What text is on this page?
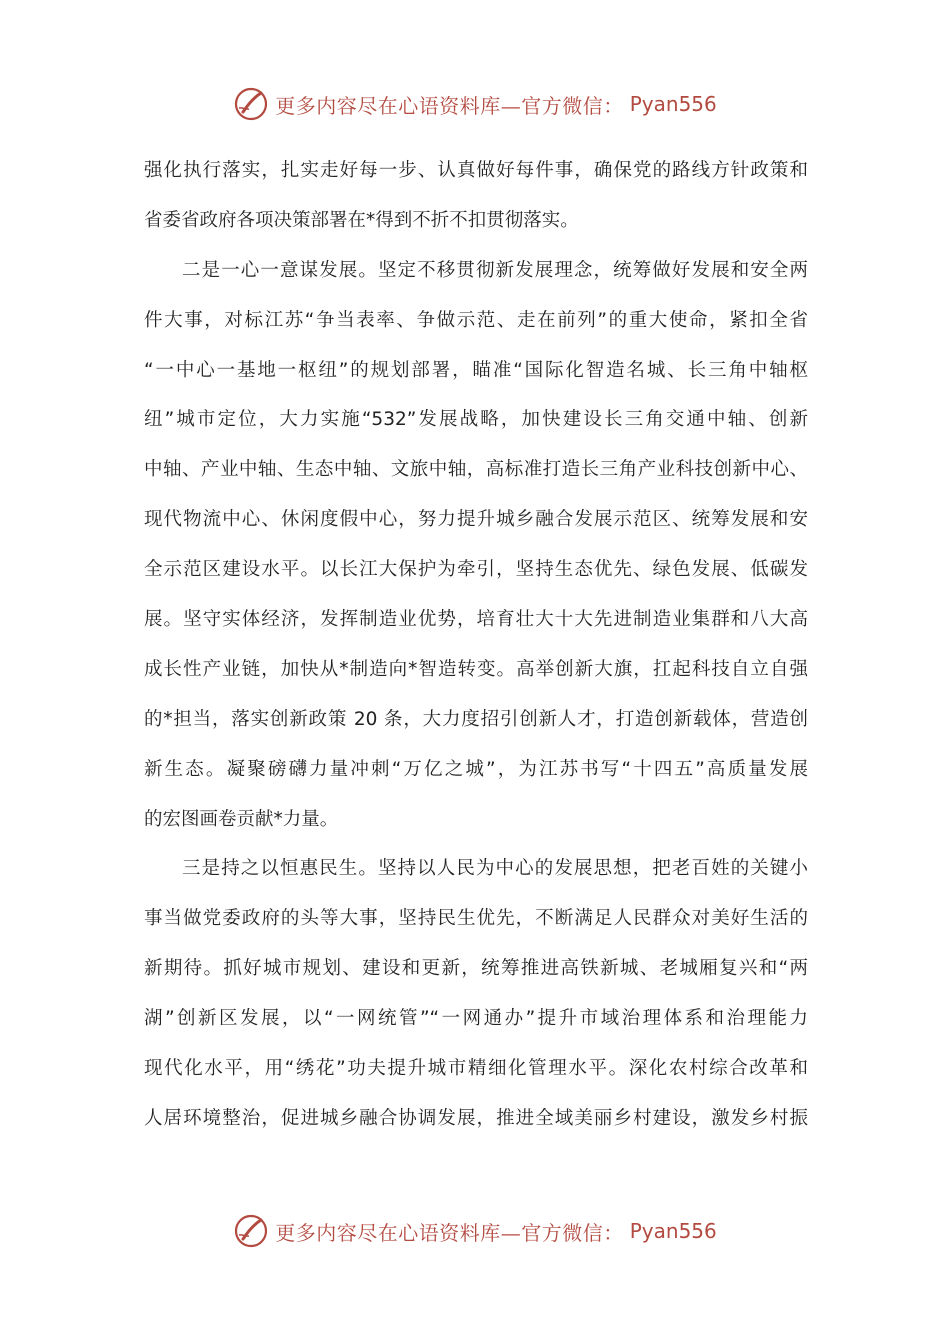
更多内容尽在心语资料库—官方微信： Pyan556
强化执行落实，扎实走好每一步、认真做好每件事，确保党的路线方针政策和
省委省政府各项决策部署在*得到不折不扣贯彻落实。
二是一心一意谋发展。坚定不移贯彻新发展理念，统筹做好发展和安全两
件大事，对标江苏“争当表率、争做示范、走在前列”的重大使命，紧扣全省
“一中心一基地一枢纽”的规划部署，瞄准“国际化智造名城、长三角中轴枢
纽”城市定位，大力实施“532”发展战略，加快建设长三角交通中轴、创新
中轴、产业中轴、生态中轴、文旅中轴，高标准打造长三角产业科技创新中心、
现代物流中心、休闲度假中心，努力提升城乡融合发展示范区、统筹发展和安
全示范区建设水平。以长江大保护为牵引，坚持生态优先、绿色发展、低碳发
展。坚守实体经济，发挥制造业优势，培育壮大十大先进制造业集群和八大高
成长性产业链，加快从*制造向*智造转变。高举创新大旗，扛起科技自立自强
的*担当，落实创新政策 20 条，大力度招引创新人才，打造创新载体，营造创
新生态。凝聚磅礴力量冲刺“万亿之城”，为江苏书写“十四五”高质量发展
的宏图画卷贡献*力量。
三是持之以恒惠民生。坚持以人民为中心的发展思想，把老百姓的关键小
事当做党委政府的头等大事，坚持民生优先，不断满足人民群众对美好生活的
新期待。抓好城市规划、建设和更新，统筹推进高铁新城、老城厢复兴和“两
湖”创新区发展，以“一网统管”“一网通办”提升市域治理体系和治理能力
现代化水平，用“绣花”功夫提升城市精细化管理水平。深化农村综合改革和
人居环境整治，促进城乡融合协调发展，推进全域美丽乡村建设，激发乡村振
更多内容尽在心语资料库—官方微信： Pyan556
